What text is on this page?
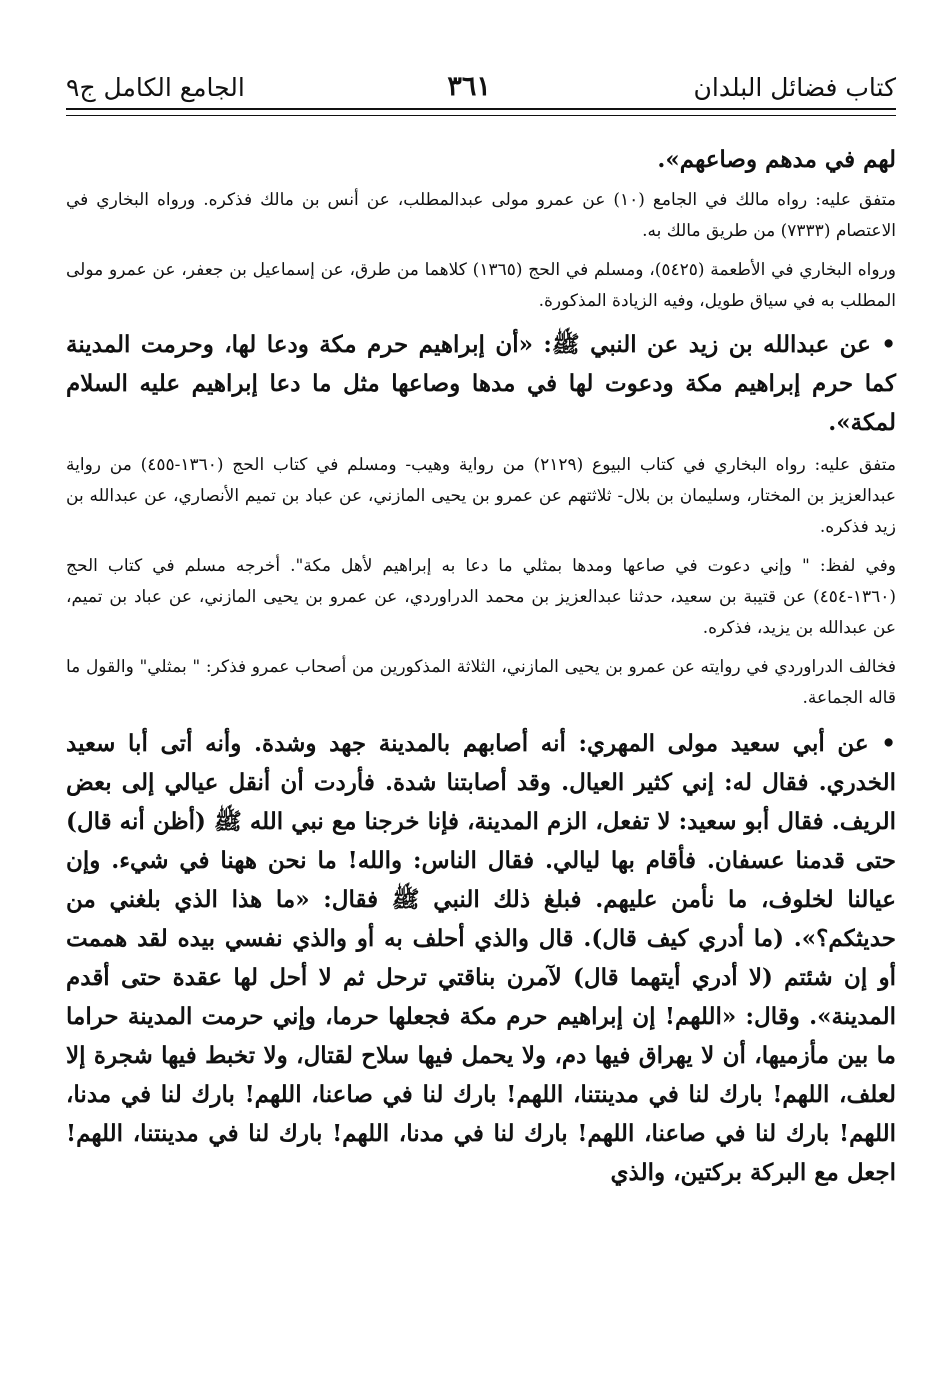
كتاب فضائل البلدان
٣٦١
الجامع الكامل ج٩

لهم في مدهم وصاعهم».

متفق عليه: رواه مالك في الجامع (١٠) عن عمرو مولى عبدالمطلب، عن أنس بن مالك فذكره. ورواه البخاري في الاعتصام (٧٣٣٣) من طريق مالك به.

ورواه البخاري في الأطعمة (٥٤٢٥)، ومسلم في الحج (١٣٦٥) كلاهما من طرق، عن إسماعيل بن جعفر، عن عمرو مولى المطلب به في سياق طويل، وفيه الزيادة المذكورة.

• عن عبدالله بن زيد عن النبي ﷺ: «أن إبراهيم حرم مكة ودعا لها، وحرمت المدينة كما حرم إبراهيم مكة ودعوت لها في مدها وصاعها مثل ما دعا إبراهيم عليه السلام لمكة».

متفق عليه: رواه البخاري في كتاب البيوع (٢١٢٩) من رواية وهيب- ومسلم في كتاب الحج (١٣٦٠-٤٥٥) من رواية عبدالعزيز بن المختار، وسليمان بن بلال- ثلاثتهم عن عمرو بن يحيى المازني، عن عباد بن تميم الأنصاري، عن عبدالله بن زيد فذكره.

وفي لفظ: " وإني دعوت في صاعها ومدها بمثلي ما دعا به إبراهيم لأهل مكة". أخرجه مسلم في كتاب الحج (١٣٦٠-٤٥٤) عن قتيبة بن سعيد، حدثنا عبدالعزيز بن محمد الدراوردي، عن عمرو بن يحيى المازني، عن عباد بن تميم، عن عبدالله بن يزيد، فذكره.

فخالف الدراوردي في روايته عن عمرو بن يحيى المازني، الثلاثة المذكورين من أصحاب عمرو فذكر: " بمثلي" والقول ما قاله الجماعة.

• عن أبي سعيد مولى المهري: أنه أصابهم بالمدينة جهد وشدة. وأنه أتى أبا سعيد الخدري. فقال له: إني كثير العيال. وقد أصابتنا شدة. فأردت أن أنقل عيالي إلى بعض الريف. فقال أبو سعيد: لا تفعل، الزم المدينة، فإنا خرجنا مع نبي الله ﷺ (أظن أنه قال) حتى قدمنا عسفان. فأقام بها ليالي. فقال الناس: والله! ما نحن ههنا في شيء. وإن عيالنا لخلوف، ما نأمن عليهم. فبلغ ذلك النبي ﷺ فقال: «ما هذا الذي بلغني من حديثكم؟». (ما أدري كيف قال). قال والذي أحلف به أو والذي نفسي بيده لقد هممت أو إن شئتم (لا أدري أيتهما قال) لآمرن بناقتي ترحل ثم لا أحل لها عقدة حتى أقدم المدينة». وقال: «اللهم! إن إبراهيم حرم مكة فجعلها حرما، وإني حرمت المدينة حراما ما بين مأزميها، أن لا يهراق فيها دم، ولا يحمل فيها سلاح لقتال، ولا تخبط فيها شجرة إلا لعلف، اللهم! بارك لنا في مدينتنا، اللهم! بارك لنا في صاعنا، اللهم! بارك لنا في مدنا، اللهم! بارك لنا في صاعنا، اللهم! بارك لنا في مدنا، اللهم! بارك لنا في مدينتنا، اللهم! اجعل مع البركة بركتين، والذي
